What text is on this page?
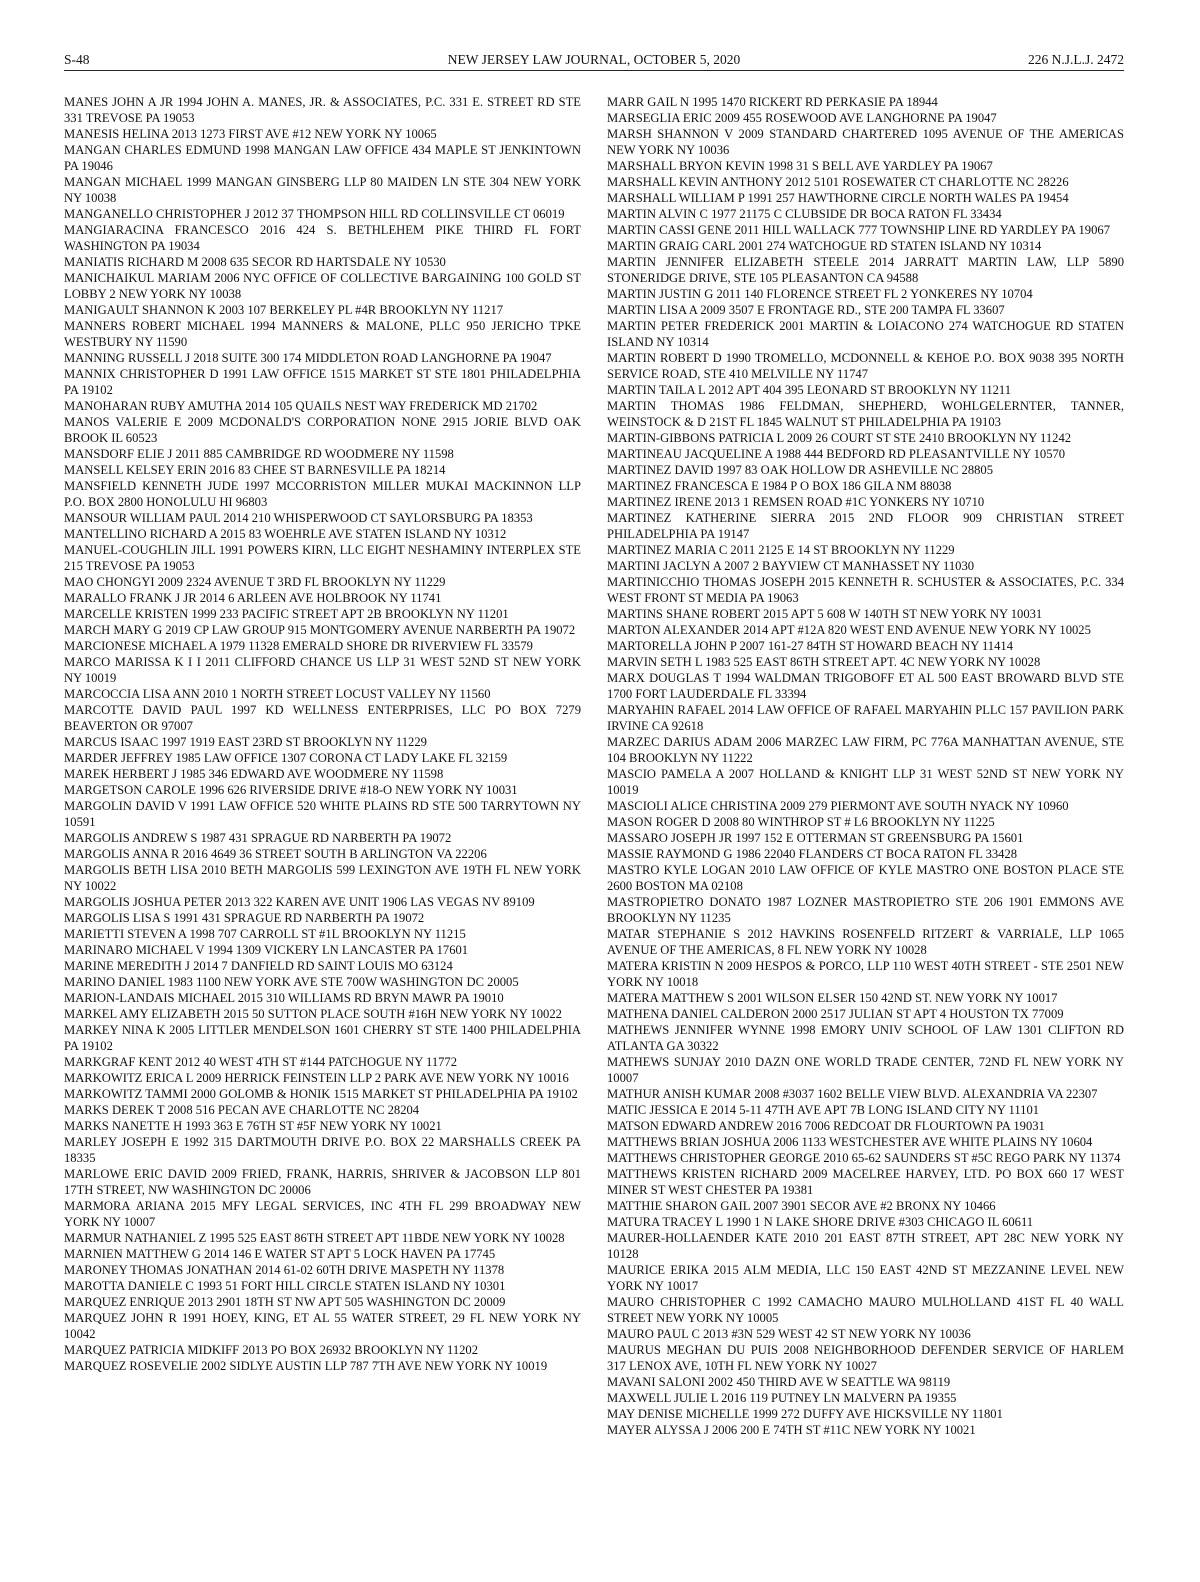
NEW JERSEY LAW JOURNAL, OCTOBER 5, 2020
S-48	226 N.J.L.J. 2472

MANES JOHN A JR 1994 JOHN A. MANES, JR. & ASSOCIATES, P.C. 331 E. STREET RD STE 331 TREVOSE PA 19053

MANESIS HELINA 2013 1273 FIRST AVE #12 NEW YORK NY 10065

MANGAN CHARLES EDMUND 1998 MANGAN LAW OFFICE 434 MAPLE ST JENKINTOWN PA 19046

MANGAN MICHAEL 1999 MANGAN GINSBERG LLP 80 MAIDEN LN STE 304 NEW YORK NY 10038

MANGANELLO CHRISTOPHER J 2012 37 THOMPSON HILL RD COLLINSVILLE CT 06019

MANGIARACINA FRANCESCO 2016 424 S. BETHLEHEM PIKE THIRD FL FORT WASHINGTON PA 19034

MANIATIS RICHARD M 2008 635 SECOR RD HARTSDALE NY 10530

MANICHAIKUL MARIAM 2006 NYC OFFICE OF COLLECTIVE BARGAINING 100 GOLD ST LOBBY 2 NEW YORK NY 10038

MANIGAULT SHANNON K 2003 107 BERKELEY PL #4R BROOKLYN NY 11217

MANNERS ROBERT MICHAEL 1994 MANNERS & MALONE, PLLC 950 JERICHO TPKE WESTBURY NY 11590

MANNING RUSSELL J 2018 SUITE 300 174 MIDDLETON ROAD LANGHORNE PA 19047

MANNIX CHRISTOPHER D 1991 LAW OFFICE 1515 MARKET ST STE 1801 PHILADELPHIA PA 19102

MANOHARAN RUBY AMUTHA 2014 105 QUAILS NEST WAY FREDERICK MD 21702

MANOS VALERIE E 2009 MCDONALD'S CORPORATION NONE 2915 JORIE BLVD OAK BROOK IL 60523

MANSDORF ELIE J 2011 885 CAMBRIDGE RD WOODMERE NY 11598

MANSELL KELSEY ERIN 2016 83 CHEE ST BARNESVILLE PA 18214

MANSFIELD KENNETH JUDE 1997 MCCORRISTON MILLER MUKAI MACKINNON LLP P.O. BOX 2800 HONOLULU HI 96803

MANSOUR WILLIAM PAUL 2014 210 WHISPERWOOD CT SAYLORSBURG PA 18353

MANTELLINO RICHARD A 2015 83 WOEHRLE AVE STATEN ISLAND NY 10312

MANUEL-COUGHLIN JILL 1991 POWERS KIRN, LLC EIGHT NESHAMINY INTERPLEX STE 215 TREVOSE PA 19053

MAO CHONGYI 2009 2324 AVENUE T 3RD FL BROOKLYN NY 11229

MARALLO FRANK J JR 2014 6 ARLEEN AVE HOLBROOK NY 11741

MARCELLE KRISTEN 1999 233 PACIFIC STREET APT 2B BROOKLYN NY 11201

MARCH MARY G 2019 CP LAW GROUP 915 MONTGOMERY AVENUE NARBERTH PA 19072

MARCIONESE MICHAEL A 1979 11328 EMERALD SHORE DR RIVERVIEW FL 33579

MARCO MARISSA K I I 2011 CLIFFORD CHANCE US LLP 31 WEST 52ND ST NEW YORK NY 10019

MARCOCCIA LISA ANN 2010 1 NORTH STREET LOCUST VALLEY NY 11560

MARCOTTE DAVID PAUL 1997 KD WELLNESS ENTERPRISES, LLC PO BOX 7279 BEAVERTON OR 97007

MARCUS ISAAC 1997 1919 EAST 23RD ST BROOKLYN NY 11229

MARDER JEFFREY 1985 LAW OFFICE 1307 CORONA CT LADY LAKE FL 32159

MAREK HERBERT J 1985 346 EDWARD AVE WOODMERE NY 11598

MARGETSON CAROLE 1996 626 RIVERSIDE DRIVE #18-O NEW YORK NY 10031

MARGOLIN DAVID V 1991 LAW OFFICE 520 WHITE PLAINS RD STE 500 TARRYTOWN NY 10591

MARGOLIS ANDREW S 1987 431 SPRAGUE RD NARBERTH PA 19072

MARGOLIS ANNA R 2016 4649 36 STREET SOUTH B ARLINGTON VA 22206

MARGOLIS BETH LISA 2010 BETH MARGOLIS 599 LEXINGTON AVE 19TH FL NEW YORK NY 10022

MARGOLIS JOSHUA PETER 2013 322 KAREN AVE UNIT 1906 LAS VEGAS NV 89109

MARGOLIS LISA S 1991 431 SPRAGUE RD NARBERTH PA 19072

MARIETTI STEVEN A 1998 707 CARROLL ST #1L BROOKLYN NY 11215

MARINARO MICHAEL V 1994 1309 VICKERY LN LANCASTER PA 17601

MARINE MEREDITH J 2014 7 DANFIELD RD SAINT LOUIS MO 63124

MARINO DANIEL 1983 1100 NEW YORK AVE STE 700W WASHINGTON DC 20005

MARION-LANDAIS MICHAEL 2015 310 WILLIAMS RD BRYN MAWR PA 19010

MARKEL AMY ELIZABETH 2015 50 SUTTON PLACE SOUTH #16H NEW YORK NY 10022

MARKEY NINA K 2005 LITTLER MENDELSON 1601 CHERRY ST STE 1400 PHILADELPHIA PA 19102

MARKGRAF KENT 2012 40 WEST 4TH ST #144 PATCHOGUE NY 11772

MARKOWITZ ERICA L 2009 HERRICK FEINSTEIN LLP 2 PARK AVE NEW YORK NY 10016

MARKOWITZ TAMMI 2000 GOLOMB & HONIK 1515 MARKET ST PHILADELPHIA PA 19102

MARKS DEREK T 2008 516 PECAN AVE CHARLOTTE NC 28204

MARKS NANETTE H 1993 363 E 76TH ST #5F NEW YORK NY 10021

MARLEY JOSEPH E 1992 315 DARTMOUTH DRIVE P.O. BOX 22 MARSHALLS CREEK PA 18335

MARLOWE ERIC DAVID 2009 FRIED, FRANK, HARRIS, SHRIVER & JACOBSON LLP 801 17TH STREET, NW WASHINGTON DC 20006

MARMORA ARIANA 2015 MFY LEGAL SERVICES, INC 4TH FL 299 BROADWAY NEW YORK NY 10007

MARMUR NATHANIEL Z 1995 525 EAST 86TH STREET APT 11BDE NEW YORK NY 10028

MARNIEN MATTHEW G 2014 146 E WATER ST APT 5 LOCK HAVEN PA 17745

MARONEY THOMAS JONATHAN 2014 61-02 60TH DRIVE MASPETH NY 11378

MAROTTA DANIELE C 1993 51 FORT HILL CIRCLE STATEN ISLAND NY 10301

MARQUEZ ENRIQUE 2013 2901 18TH ST NW APT 505 WASHINGTON DC 20009

MARQUEZ JOHN R 1991 HOEY, KING, ET AL 55 WATER STREET, 29 FL NEW YORK NY 10042

MARQUEZ PATRICIA MIDKIFF 2013 PO BOX 26932 BROOKLYN NY 11202

MARQUEZ ROSEVELIE 2002 SIDLYE AUSTIN LLP 787 7TH AVE NEW YORK NY 10019

MARR GAIL N 1995 1470 RICKERT RD PERKASIE PA 18944

MARSEGLIA ERIC 2009 455 ROSEWOOD AVE LANGHORNE PA 19047

MARSH SHANNON V 2009 STANDARD CHARTERED 1095 AVENUE OF THE AMERICAS NEW YORK NY 10036

MARSHALL BRYON KEVIN 1998 31 S BELL AVE YARDLEY PA 19067

MARSHALL KEVIN ANTHONY 2012 5101 ROSEWATER CT CHARLOTTE NC 28226

MARSHALL WILLIAM P 1991 257 HAWTHORNE CIRCLE NORTH WALES PA 19454

MARTIN ALVIN C 1977 21175 C CLUBSIDE DR BOCA RATON FL 33434

MARTIN CASSI GENE 2011 HILL WALLACK 777 TOWNSHIP LINE RD YARDLEY PA 19067

MARTIN GRAIG CARL 2001 274 WATCHOGUE RD STATEN ISLAND NY 10314

MARTIN JENNIFER ELIZABETH STEELE 2014 JARRATT MARTIN LAW, LLP 5890 STONERIDGE DRIVE, STE 105 PLEASANTON CA 94588

MARTIN JUSTIN G 2011 140 FLORENCE STREET FL 2 YONKERES NY 10704

MARTIN LISA A 2009 3507 E FRONTAGE RD., STE 200 TAMPA FL 33607

MARTIN PETER FREDERICK 2001 MARTIN & LOIACONO 274 WATCHOGUE RD STATEN ISLAND NY 10314

MARTIN ROBERT D 1990 TROMELLO, MCDONNELL & KEHOE P.O. BOX 9038 395 NORTH SERVICE ROAD, STE 410 MELVILLE NY 11747

MARTIN TAILA L 2012 APT 404 395 LEONARD ST BROOKLYN NY 11211

MARTIN THOMAS 1986 FELDMAN, SHEPHERD, WOHLGELERNTER, TANNER, WEINSTOCK & D 21ST FL 1845 WALNUT ST PHILADELPHIA PA 19103

MARTIN-GIBBONS PATRICIA L 2009 26 COURT ST STE 2410 BROOKLYN NY 11242

MARTINEAU JACQUELINE A 1988 444 BEDFORD RD PLEASANTVILLE NY 10570

MARTINEZ DAVID 1997 83 OAK HOLLOW DR ASHEVILLE NC 28805

MARTINEZ FRANCESCA E 1984 P O BOX 186 GILA NM 88038

MARTINEZ IRENE 2013 1 REMSEN ROAD #1C YONKERS NY 10710

MARTINEZ KATHERINE SIERRA 2015 2ND FLOOR 909 CHRISTIAN STREET PHILADELPHIA PA 19147

MARTINEZ MARIA C 2011 2125 E 14 ST BROOKLYN NY 11229

MARTINI JACLYN A 2007 2 BAYVIEW CT MANHASSET NY 11030

MARTINICCHIO THOMAS JOSEPH 2015 KENNETH R. SCHUSTER & ASSOCIATES, P.C. 334 WEST FRONT ST MEDIA PA 19063

MARTINS SHANE ROBERT 2015 APT 5 608 W 140TH ST NEW YORK NY 10031

MARTON ALEXANDER 2014 APT #12A 820 WEST END AVENUE NEW YORK NY 10025

MARTORELLA JOHN P 2007 161-27 84TH ST HOWARD BEACH NY 11414

MARVIN SETH L 1983 525 EAST 86TH STREET APT. 4C NEW YORK NY 10028

MARX DOUGLAS T 1994 WALDMAN TRIGOBOFF ET AL 500 EAST BROWARD BLVD STE 1700 FORT LAUDERDALE FL 33394

MARYAHIN RAFAEL 2014 LAW OFFICE OF RAFAEL MARYAHIN PLLC 157 PAVILION PARK IRVINE CA 92618

MARZEC DARIUS ADAM 2006 MARZEC LAW FIRM, PC 776A MANHATTAN AVENUE, STE 104 BROOKLYN NY 11222

MASCIO PAMELA A 2007 HOLLAND & KNIGHT LLP 31 WEST 52ND ST NEW YORK NY 10019

MASCIOLI ALICE CHRISTINA 2009 279 PIERMONT AVE SOUTH NYACK NY 10960

MASON ROGER D 2008 80 WINTHROP ST # L6 BROOKLYN NY 11225

MASSARO JOSEPH JR 1997 152 E OTTERMAN ST GREENSBURG PA 15601

MASSIE RAYMOND G 1986 22040 FLANDERS CT BOCA RATON FL 33428

MASTRO KYLE LOGAN 2010 LAW OFFICE OF KYLE MASTRO ONE BOSTON PLACE STE 2600 BOSTON MA 02108

MASTROPIETRO DONATO 1987 LOZNER MASTROPIETRO STE 206 1901 EMMONS AVE BROOKLYN NY 11235

MATAR STEPHANIE S 2012 HAVKINS ROSENFELD RITZERT & VARRIALE, LLP 1065 AVENUE OF THE AMERICAS, 8 FL NEW YORK NY 10028

MATERA KRISTIN N 2009 HESPOS & PORCO, LLP 110 WEST 40TH STREET - STE 2501 NEW YORK NY 10018

MATERA MATTHEW S 2001 WILSON ELSER 150 42ND ST. NEW YORK NY 10017

MATHENA DANIEL CALDERON 2000 2517 JULIAN ST APT 4 HOUSTON TX 77009

MATHEWS JENNIFER WYNNE 1998 EMORY UNIV SCHOOL OF LAW 1301 CLIFTON RD ATLANTA GA 30322

MATHEWS SUNJAY 2010 DAZN ONE WORLD TRADE CENTER, 72ND FL NEW YORK NY 10007

MATHUR ANISH KUMAR 2008 #3037 1602 BELLE VIEW BLVD. ALEXANDRIA VA 22307

MATIC JESSICA E 2014 5-11 47TH AVE APT 7B LONG ISLAND CITY NY 11101

MATSON EDWARD ANDREW 2016 7006 REDCOAT DR FLOURTOWN PA 19031

MATTHEWS BRIAN JOSHUA 2006 1133 WESTCHESTER AVE WHITE PLAINS NY 10604

MATTHEWS CHRISTOPHER GEORGE 2010 65-62 SAUNDERS ST #5C REGO PARK NY 11374

MATTHEWS KRISTEN RICHARD 2009 MACELREE HARVEY, LTD. PO BOX 660 17 WEST MINER ST WEST CHESTER PA 19381

MATTHIE SHARON GAIL 2007 3901 SECOR AVE #2 BRONX NY 10466

MATURA TRACEY L 1990 1 N LAKE SHORE DRIVE #303 CHICAGO IL 60611

MAURER-HOLLAENDER KATE 2010 201 EAST 87TH STREET, APT 28C NEW YORK NY 10128

MAURICE ERIKA 2015 ALM MEDIA, LLC 150 EAST 42ND ST MEZZANINE LEVEL NEW YORK NY 10017

MAURO CHRISTOPHER C 1992 CAMACHO MAURO MULHOLLAND 41ST FL 40 WALL STREET NEW YORK NY 10005

MAURO PAUL C 2013 #3N 529 WEST 42 ST NEW YORK NY 10036

MAURUS MEGHAN DU PUIS 2008 NEIGHBORHOOD DEFENDER SERVICE OF HARLEM 317 LENOX AVE, 10TH FL NEW YORK NY 10027

MAVANI SALONI 2002 450 THIRD AVE W SEATTLE WA 98119

MAXWELL JULIE L 2016 119 PUTNEY LN MALVERN PA 19355

MAY DENISE MICHELLE 1999 272 DUFFY AVE HICKSVILLE NY 11801

MAYER ALYSSA J 2006 200 E 74TH ST #11C NEW YORK NY 10021
